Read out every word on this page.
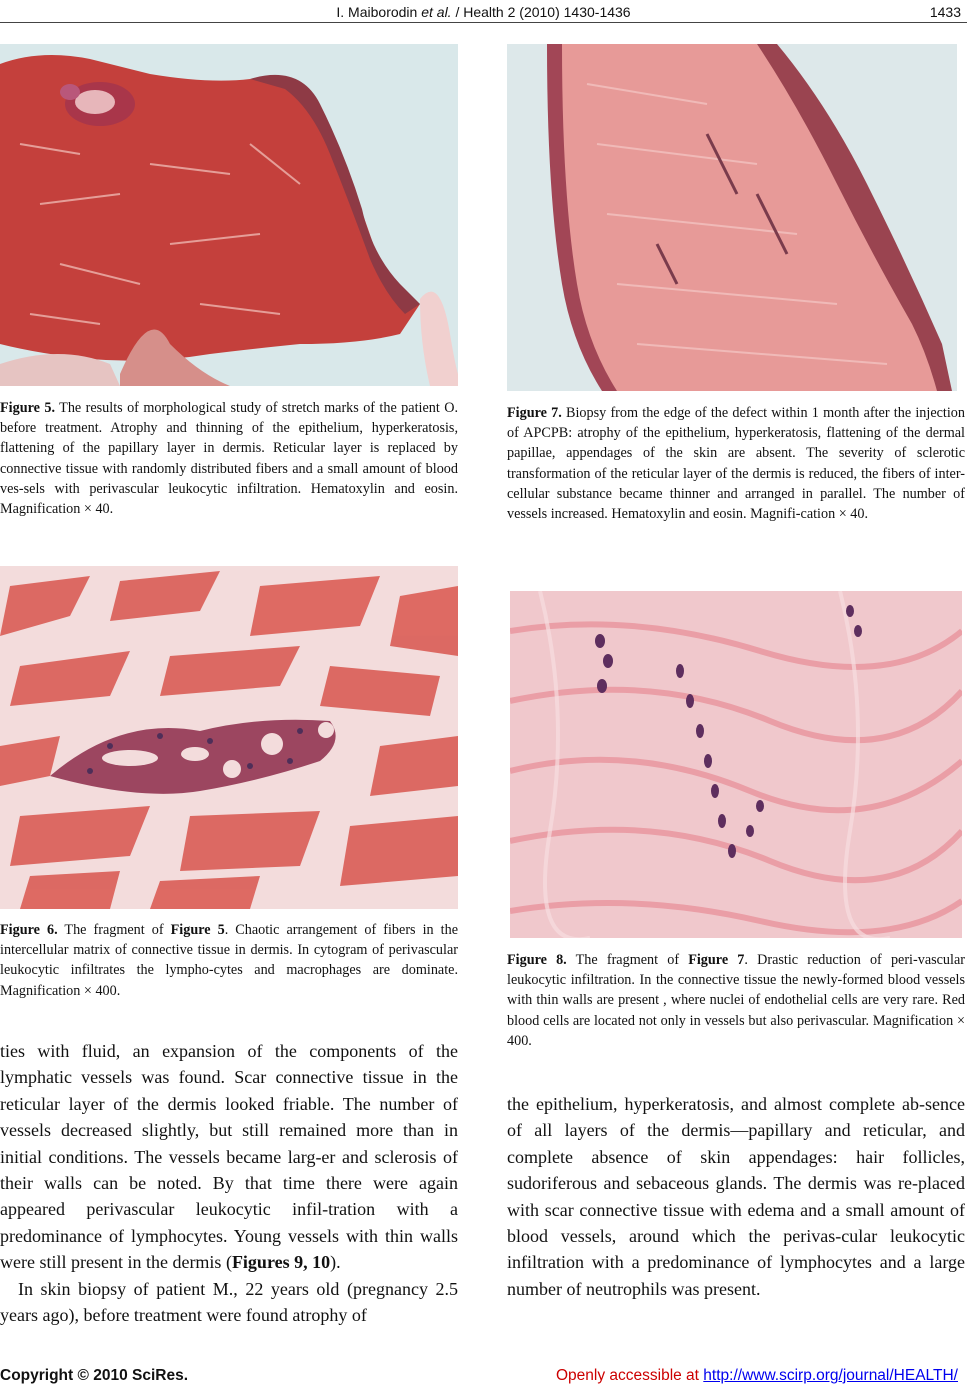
I. Maiborodin et al. / Health 2 (2010) 1430-1436	1433
Figure 5. The results of morphological study of stretch marks of the patient O. before treatment. Atrophy and thinning of the epithelium, hyperkeratosis, flattening of the papillary layer in dermis. Reticular layer is replaced by connective tissue with randomly distributed fibers and a small amount of blood ves-sels with perivascular leukocytic infiltration. Hematoxylin and eosin. Magnification × 40.
Figure 6. The fragment of Figure 5. Chaotic arrangement of fibers in the intercellular matrix of connective tissue in dermis. In cytogram of perivascular leukocytic infiltrates the lympho-cytes and macrophages are dominate. Magnification × 400.

ties with fluid, an expansion of the components of the lymphatic vessels was found. Scar connective tissue in the reticular layer of the dermis looked friable. The number of vessels decreased slightly, but still remained more than in initial conditions. The vessels became larg-er and sclerosis of their walls can be noted. By that time there were again appeared perivascular leukocytic infil-tration with a predominance of lymphocytes. Young vessels with thin walls were still present in the dermis (Figures 9, 10).

In skin biopsy of patient M., 22 years old (pregnancy 2.5 years ago), before treatment were found atrophy of

Figure 7. Biopsy from the edge of the defect within 1 month after the injection of APCPB: atrophy of the epithelium, hyperkeratosis, flattening of the dermal papillae, appendages of the skin are absent. The severity of sclerotic transformation of the reticular layer of the dermis is reduced, the fibers of inter-cellular substance became thinner and arranged in parallel. The number of vessels increased. Hematoxylin and eosin. Magnifi-cation × 40.
Figure 8. The fragment of Figure 7. Drastic reduction of peri-vascular leukocytic infiltration. In the connective tissue the newly-formed blood vessels with thin walls are present , where nuclei of endothelial cells are very rare. Red blood cells are located not only in vessels but also perivascular. Magnification × 400.

the epithelium, hyperkeratosis, and almost complete ab-sence of all layers of the dermis—papillary and reticular, and complete absence of skin appendages: hair follicles, sudoriferous and sebaceous glands. The dermis was re-placed with scar connective tissue with edema and a small amount of blood vessels, around which the perivas-cular leukocytic infiltration with a predominance of lymphocytes and a large number of neutrophils was present.

Copyright © 2010 SciRes.	Openly accessible at http://www.scirp.org/journal/HEALTH/
